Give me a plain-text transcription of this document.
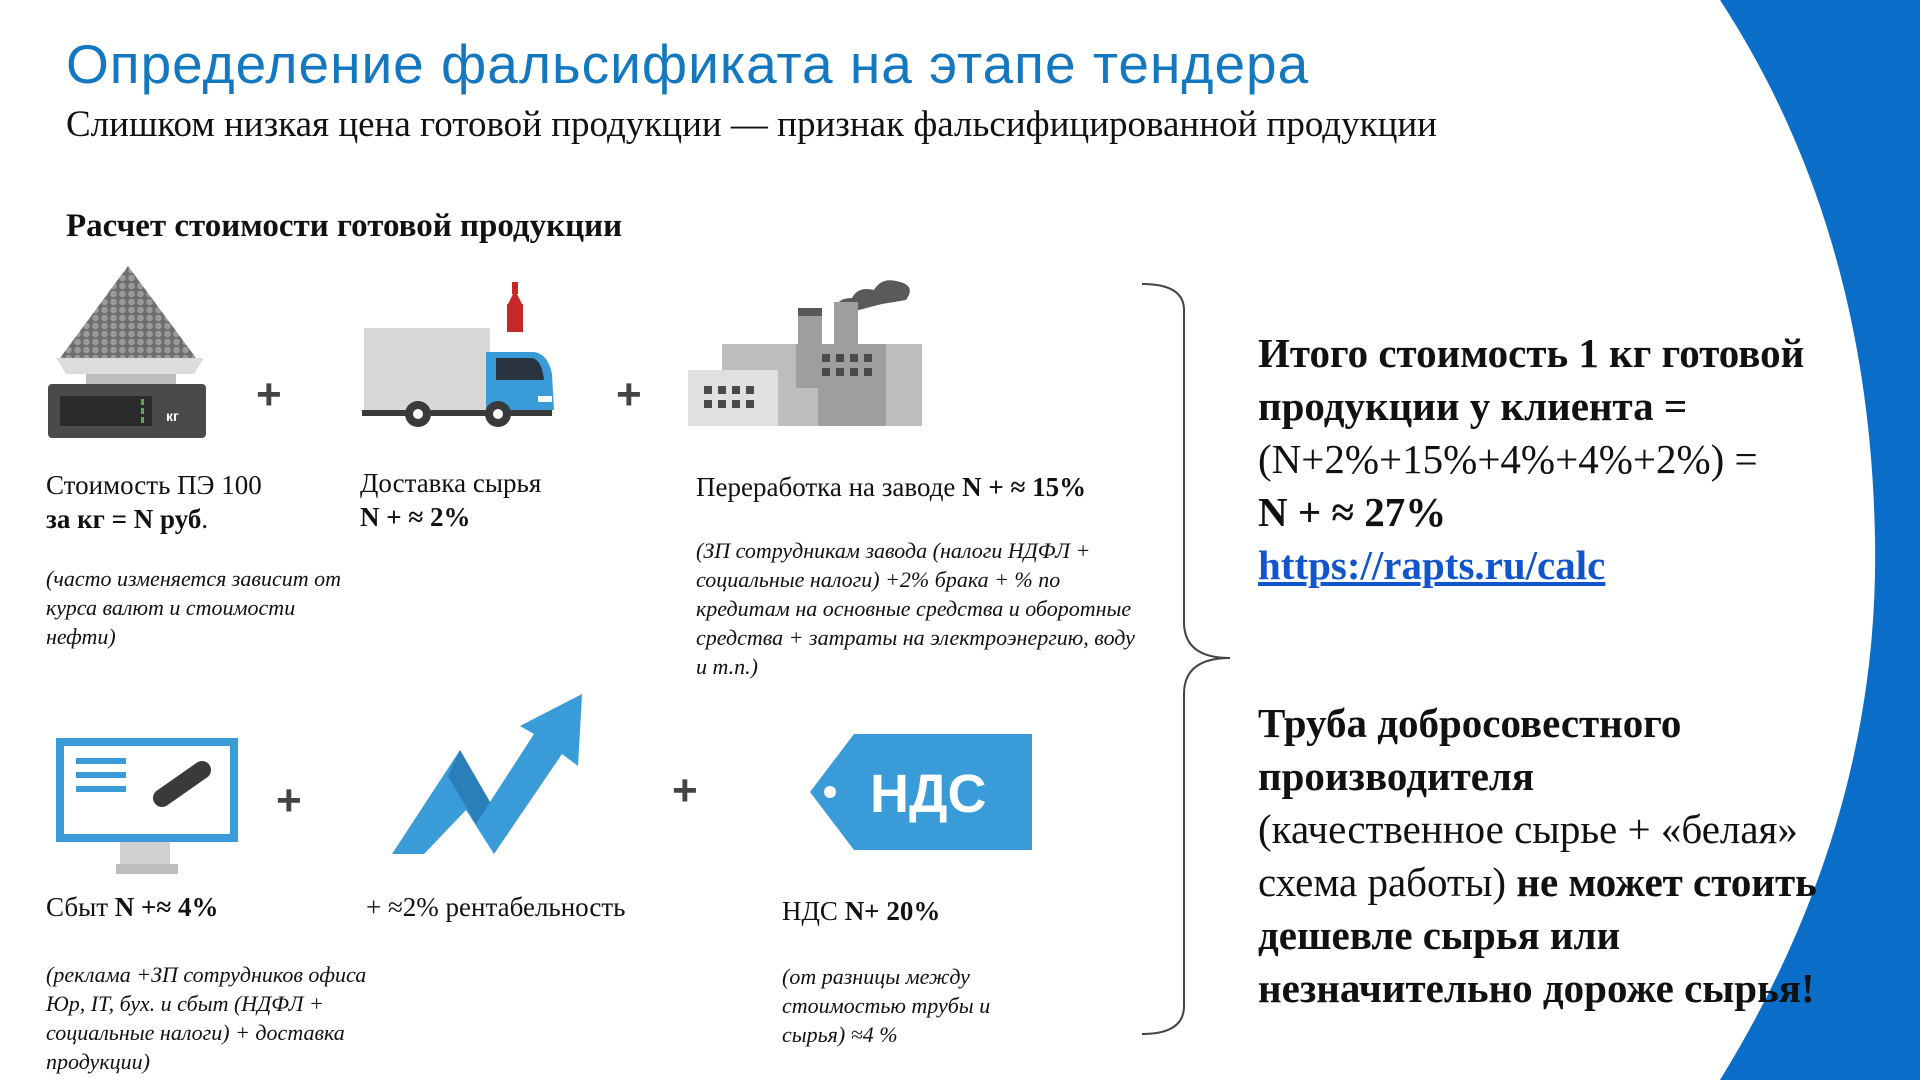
Определение фальсификата на этапе тендера
Слишком низкая цена готовой продукции — признак фальсифицированной продукции
Расчет стоимости готовой продукции
кг +	+
Стоимость ПЭ 100
за кг = N руб.
(часто изменяется зависит от курса валют и стоимости нефти)
Доставка сырья
N + ≈ 2%
Переработка на заводе N + ≈ 15%
(ЗП сотрудникам завода (налоги НДФЛ + социальные налоги) +2% брака + % по кредитам на основные средства и оборотные средства + затраты на электроэнергию, воду и т.п.)
+	+	НДС
Сбыт N +≈ 4%
(реклама +ЗП сотрудников офиса Юр, IT, бух. и сбыт (НДФЛ + социальные налоги) + доставка продукции)
+ ≈2% рентабельность	НДС N+ 20%
(от разницы между стоимостью трубы и сырья) ≈4 %
Итого стоимость 1 кг готовой продукции у клиента =
(N+2%+15%+4%+4%+2%) =
N + ≈ 27%
https://rapts.ru/calc
Труба добросовестного производителя
(качественное сырье + «белая» схема работы) не может стоить дешевле сырья или незначительно дороже сырья!
